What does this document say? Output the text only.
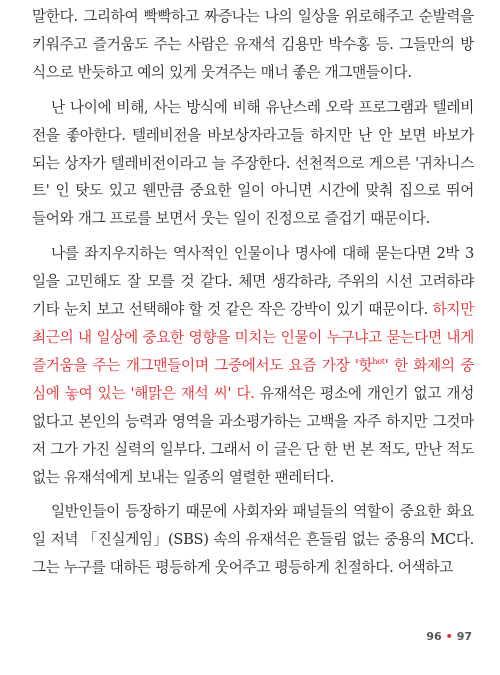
말한다. 그리하여 빡빡하고 짜증나는 나의 일상을 위로해주고 순발력을 키워주고 즐거움도 주는 사람은 유재석 김용만 박수홍 등. 그들만의 방식으로 반듯하고 예의 있게 웃겨주는 매너 좋은 개그맨들이다.

난 나이에 비해, 사는 방식에 비해 유난스레 오락 프로그램과 텔레비전을 좋아한다. 텔레비전을 바보상자라고들 하지만 난 안 보면 바보가 되는 상자가 텔레비전이라고 늘 주장한다. 선천적으로 게으른 '귀차니스트' 인 탓도 있고 웬만큼 중요한 일이 아니면 시간에 맞춰 집으로 뛰어 들어와 개그 프로를 보면서 웃는 일이 진정으로 즐겁기 때문이다.

나를 좌지우지하는 역사적인 인물이나 명사에 대해 묻는다면 2박 3일을 고민해도 잘 모를 것 같다. 체면 생각하랴, 주위의 시선 고려하랴 기타 눈치 보고 선택해야 할 것 같은 작은 강박이 있기 때문이다. 하지만 최근의 내 일상에 중요한 영향을 미치는 인물이 누구냐고 묻는다면 내게 즐거움을 주는 개그맨들이며 그중에서도 요즘 가장 '핫$^{hot}$' 한 화제의 중심에 놓여 있는 '해맑은 재석 씨' 다. 유재석은 평소에 개인기 없고 개성 없다고 본인의 능력과 영역을 과소평가하는 고백을 자주 하지만 그것마저 그가 가진 실력의 일부다. 그래서 이 글은 단 한 번 본 적도, 만난 적도 없는 유재석에게 보내는 일종의 열렬한 팬레터다.

일반인들이 등장하기 때문에 사회자와 패널들의 역할이 중요한 화요일 저녁 「진실게임」(SBS) 속의 유재석은 흔들림 없는 중용의 MC다. 그는 누구를 대하든 평등하게 웃어주고 평등하게 친절하다. 어색하고

96 • 97
